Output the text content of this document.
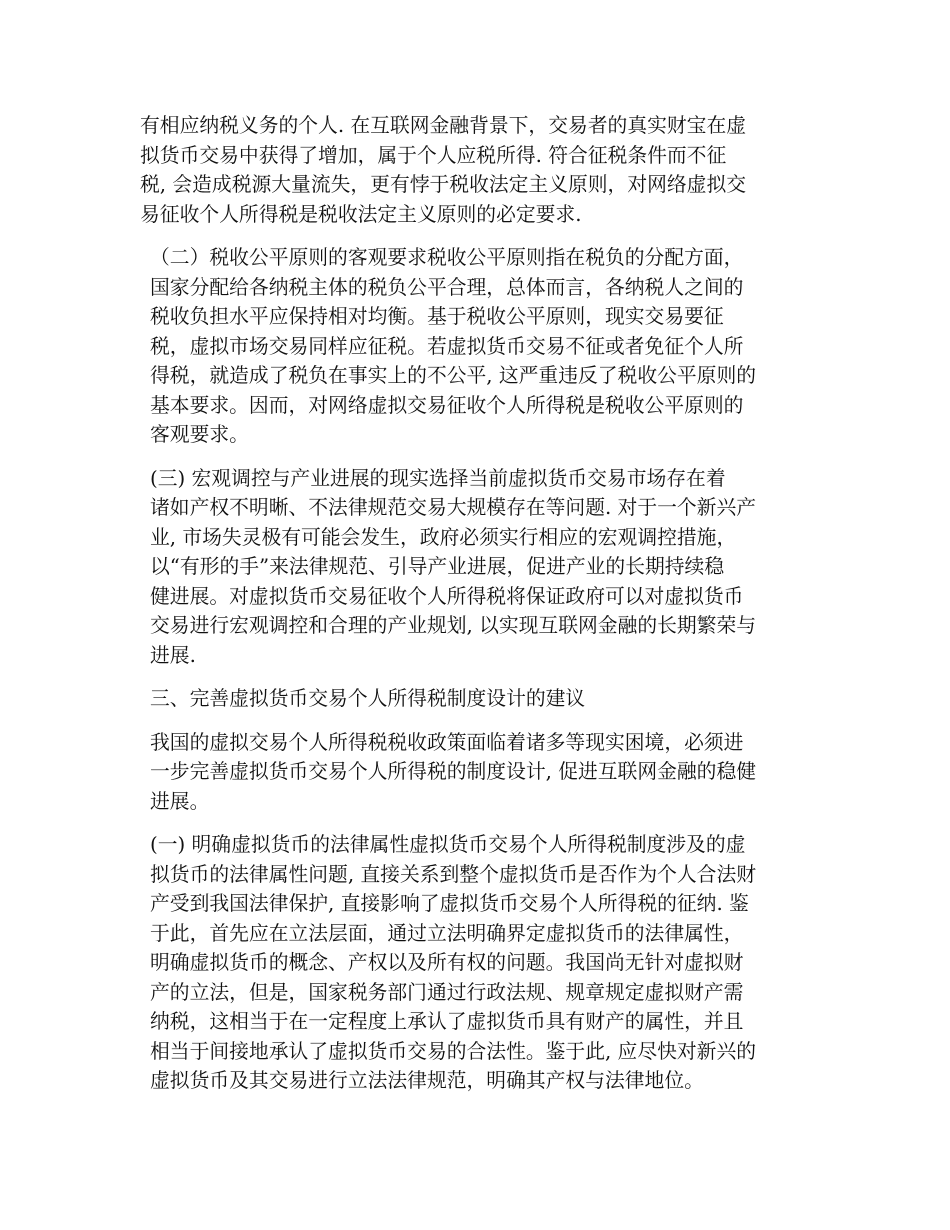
有相应纳税义务的个人. 在互联网金融背景下，交易者的真实财宝在虚
拟货币交易中获得了增加，属于个人应税所得. 符合征税条件而不征
税, 会造成税源大量流失，更有悖于税收法定主义原则，对网络虚拟交
易征收个人所得税是税收法定主义原则的必定要求.
（二）税收公平原则的客观要求税收公平原则指在税负的分配方面，
国家分配给各纳税主体的税负公平合理，总体而言，各纳税人之间的
税收负担水平应保持相对均衡。基于税收公平原则，现实交易要征
税，虚拟市场交易同样应征税。若虚拟货币交易不征或者免征个人所
得税，就造成了税负在事实上的不公平, 这严重违反了税收公平原则的
基本要求。因而，对网络虚拟交易征收个人所得税是税收公平原则的
客观要求。
(三) 宏观调控与产业进展的现实选择当前虚拟货币交易市场存在着
诸如产权不明晰、不法律规范交易大规模存在等问题. 对于一个新兴产
业, 市场失灵极有可能会发生，政府必须实行相应的宏观调控措施，
以“有形的手”来法律规范、引导产业进展，促进产业的长期持续稳
健进展。对虚拟货币交易征收个人所得税将保证政府可以对虚拟货币
交易进行宏观调控和合理的产业规划, 以实现互联网金融的长期繁荣与
进展.
三、完善虚拟货币交易个人所得税制度设计的建议
我国的虚拟交易个人所得税税收政策面临着诸多等现实困境，必须进
一步完善虚拟货币交易个人所得税的制度设计, 促进互联网金融的稳健
进展。
(一) 明确虚拟货币的法律属性虚拟货币交易个人所得税制度涉及的虚
拟货币的法律属性问题, 直接关系到整个虚拟货币是否作为个人合法财
产受到我国法律保护, 直接影响了虚拟货币交易个人所得税的征纳. 鉴
于此，首先应在立法层面，通过立法明确界定虚拟货币的法律属性，
明确虚拟货币的概念、产权以及所有权的问题。我国尚无针对虚拟财
产的立法，但是，国家税务部门通过行政法规、规章规定虚拟财产需
纳税，这相当于在一定程度上承认了虚拟货币具有财产的属性，并且
相当于间接地承认了虚拟货币交易的合法性。鉴于此, 应尽快对新兴的
虚拟货币及其交易进行立法法律规范，明确其产权与法律地位。
